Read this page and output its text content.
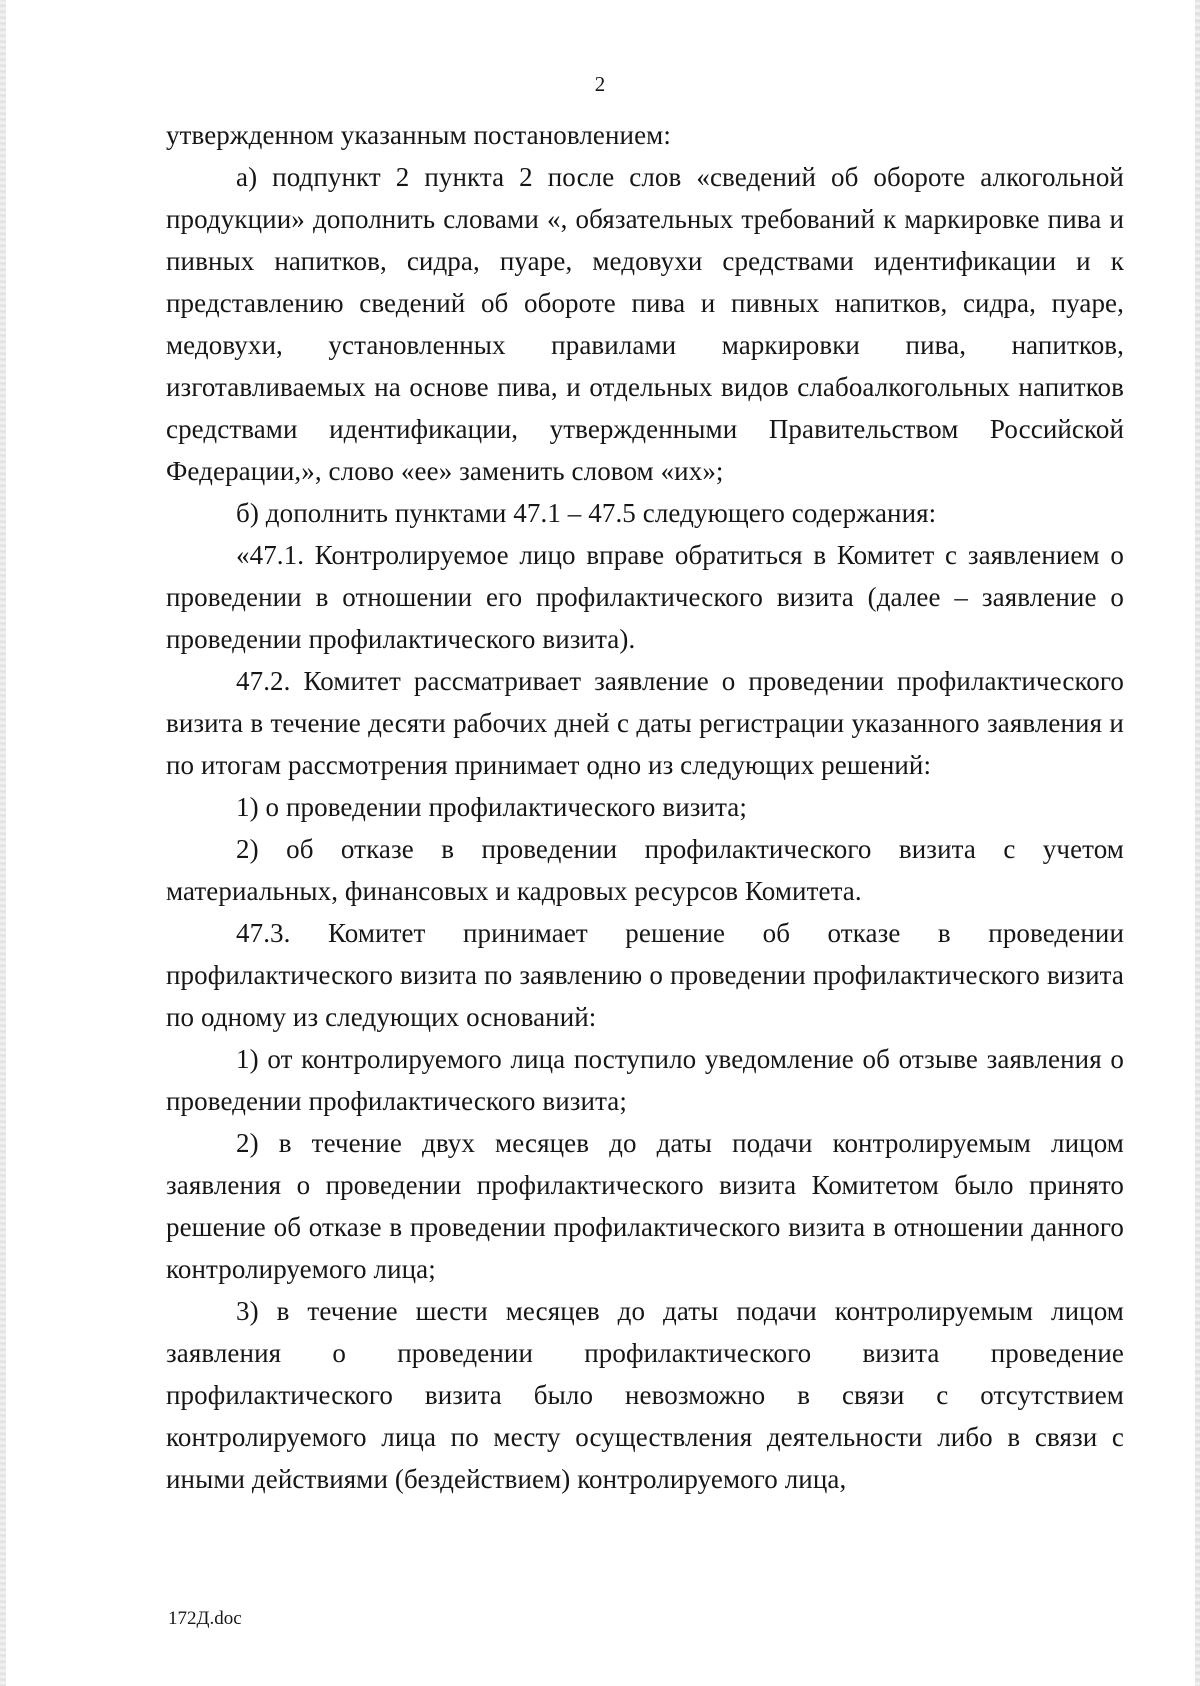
2

утвержденном указанным постановлением:

а) подпункт 2 пункта 2 после слов «сведений об обороте алкогольной продукции» дополнить словами «, обязательных требований к маркировке пива и пивных напитков, сидра, пуаре, медовухи средствами идентификации и к представлению сведений об обороте пива и пивных напитков, сидра, пуаре, медовухи, установленных правилами маркировки пива, напитков, изготавливаемых на основе пива, и отдельных видов слабоалкогольных напитков средствами идентификации, утвержденными Правительством Российской Федерации,», слово «ее» заменить словом «их»;

б) дополнить пунктами 47.1 – 47.5 следующего содержания:

«47.1. Контролируемое лицо вправе обратиться в Комитет с заявлением о проведении в отношении его профилактического визита (далее – заявление о проведении профилактического визита).

47.2. Комитет рассматривает заявление о проведении профилактического визита в течение десяти рабочих дней с даты регистрации указанного заявления и по итогам рассмотрения принимает одно из следующих решений:

1) о проведении профилактического визита;

2) об отказе в проведении профилактического визита с учетом материальных, финансовых и кадровых ресурсов Комитета.

47.3. Комитет принимает решение об отказе в проведении профилактического визита по заявлению о проведении профилактического визита по одному из следующих оснований:

1) от контролируемого лица поступило уведомление об отзыве заявления о проведении профилактического визита;

2) в течение двух месяцев до даты подачи контролируемым лицом заявления о проведении профилактического визита Комитетом было принято решение об отказе в проведении профилактического визита в отношении данного контролируемого лица;

3) в течение шести месяцев до даты подачи контролируемым лицом заявления о проведении профилактического визита проведение профилактического визита было невозможно в связи с отсутствием контролируемого лица по месту осуществления деятельности либо в связи с иными действиями (бездействием) контролируемого лица,

172Д.doc
